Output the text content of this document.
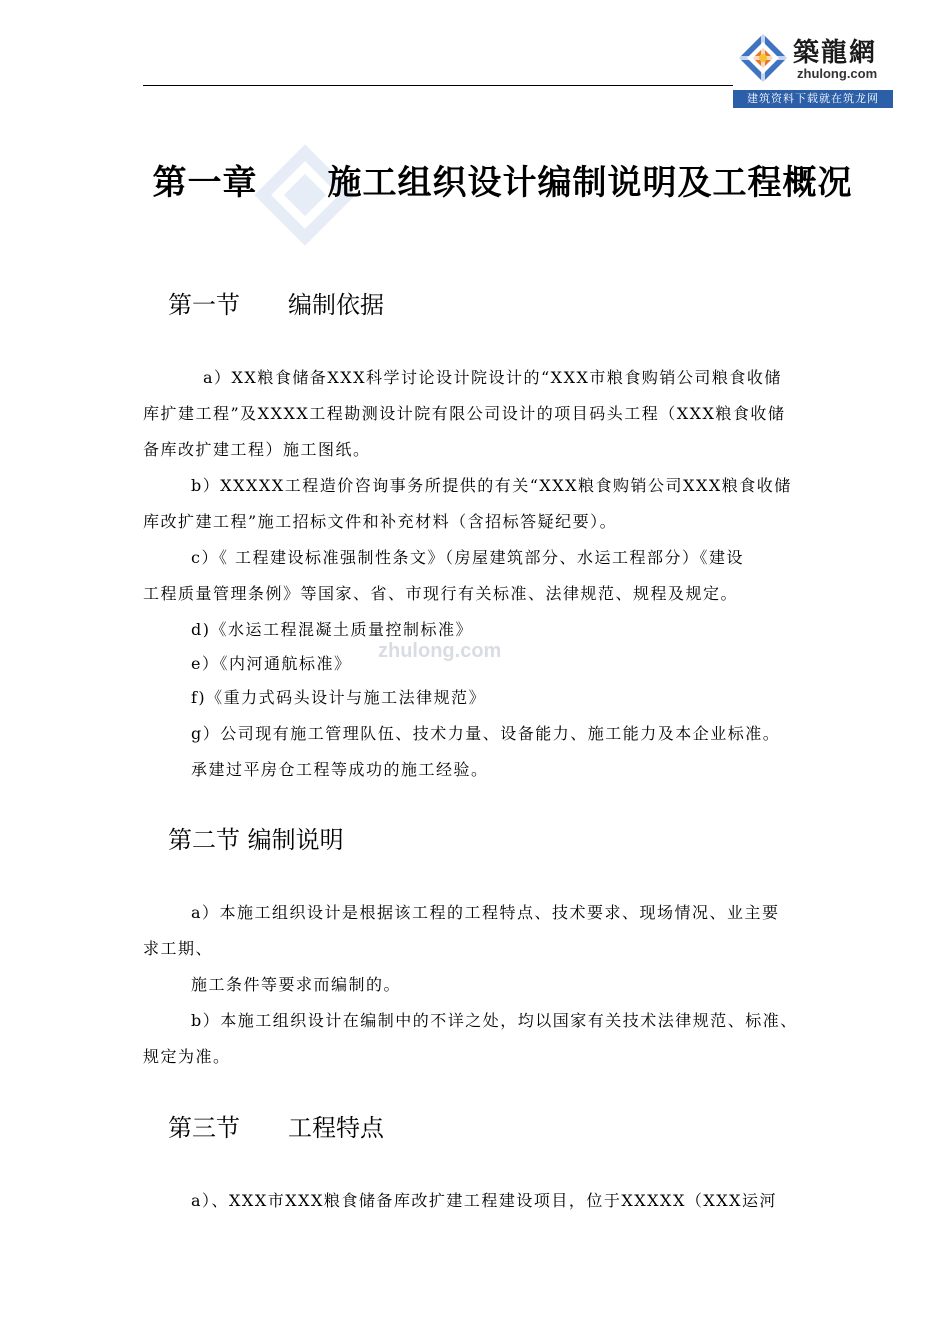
築龍網
zhulong.com
建筑资料下载就在筑龙网
zhulong.com
第一章　　施工组织设计编制说明及工程概况
第一节　　编制依据
a）XX粮食储备XXX科学讨论设计院设计的“XXX市粮食购销公司粮食收储
库扩建工程”及XXXX工程勘测设计院有限公司设计的项目码头工程（XXX粮食收储
备库改扩建工程）施工图纸。
b）XXXXX工程造价咨询事务所提供的有关“XXX粮食购销公司XXX粮食收储
库改扩建工程”施工招标文件和补充材料（含招标答疑纪要）。
c）《 工程建设标准强制性条文》（房屋建筑部分、水运工程部分）《建设
工程质量管理条例》等国家、省、市现行有关标准、法律规范、规程及规定。
d)《水运工程混凝土质量控制标准》
e）《内河通航标准》
f)《重力式码头设计与施工法律规范》
g）公司现有施工管理队伍、技术力量、设备能力、施工能力及本企业标准。
承建过平房仓工程等成功的施工经验。
第二节 编制说明
a）本施工组织设计是根据该工程的工程特点、技术要求、现场情况、业主要
求工期、
施工条件等要求而编制的。
b）本施工组织设计在编制中的不详之处，均以国家有关技术法律规范、标准、
规定为准。
第三节　　工程特点
a）、XXX市XXX粮食储备库改扩建工程建设项目，位于XXXXX（XXX运河
